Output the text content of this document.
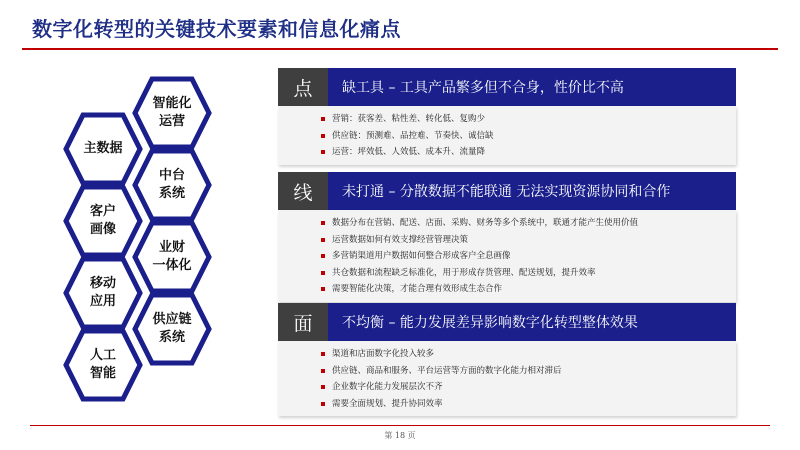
数字化转型的关键技术要素和信息化痛点
智能化
运营
主数据
中台
系统
客户
画像
业财
一体化
移动
应用
供应链
系统
人工
智能
点	缺工具 – 工具产品繁多但不合身，性价比不高
营销：获客差、粘性差、转化低、复购少
供应链：预测难、品控难、节奏快、诚信缺
运营：坪效低、人效低、成本升、流量降
线	未打通 – 分散数据不能联通 无法实现资源协同和合作
数据分布在营销、配送、店面、采购、财务等多个系统中，联通才能产生使用价值
运营数据如何有效支撑经营管理决策
多营销渠道用户数据如何整合形成客户全息画像
共仓数据和流程缺乏标准化，用于形成存货管理、配送规划，提升效率
需要智能化决策，才能合理有效形成生态合作
面	不均衡 – 能力发展差异影响数字化转型整体效果
渠道和店面数字化投入较多
供应链、商品和服务、平台运营等方面的数字化能力相对滞后
企业数字化能力发展层次不齐
需要全面规划、提升协同效率
第 18 页
